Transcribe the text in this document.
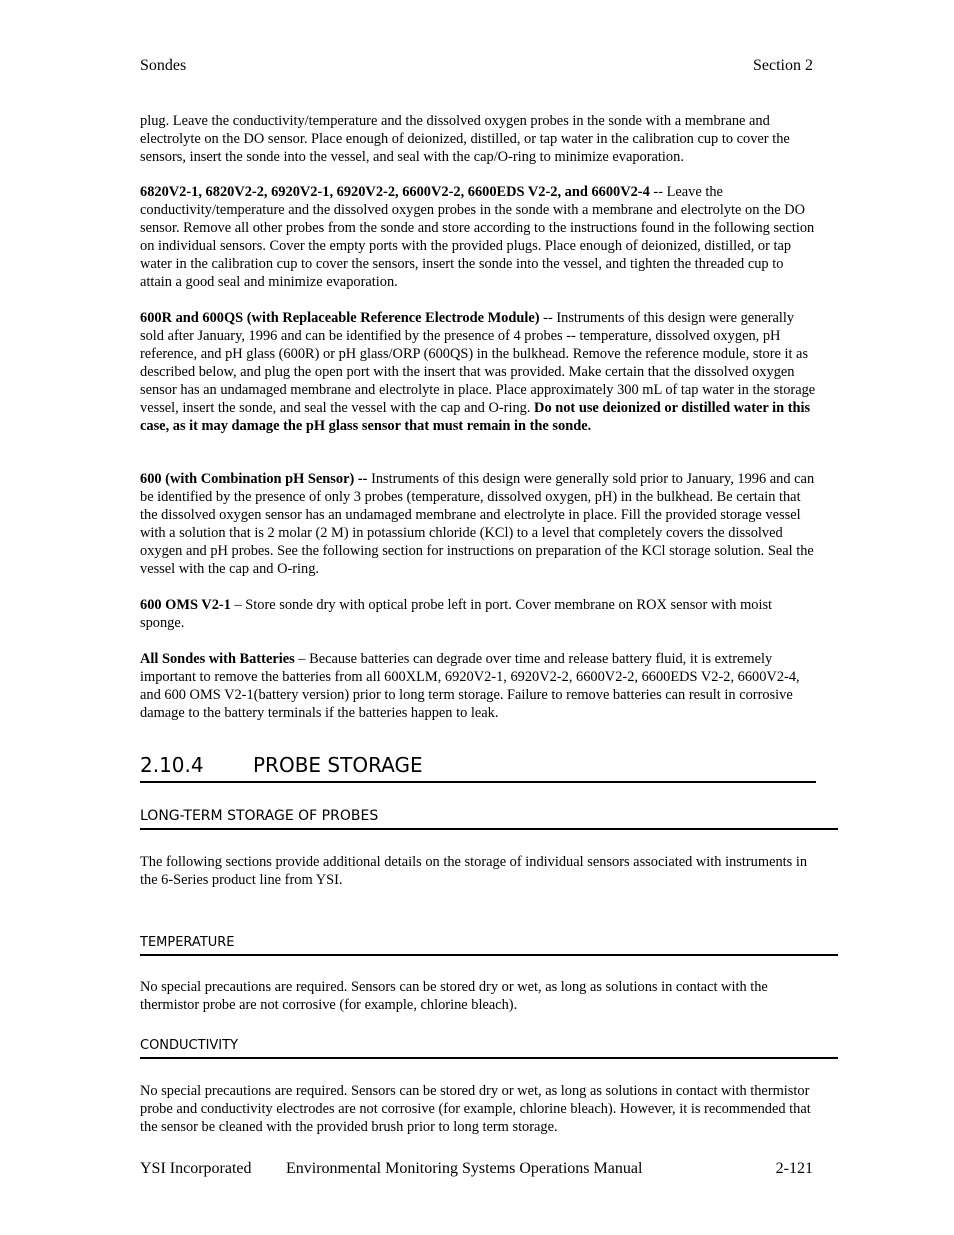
Sondes	Section 2

plug. Leave the conductivity/temperature and the dissolved oxygen probes in the sonde with a membrane and electrolyte on the DO sensor. Place enough of deionized, distilled, or tap water in the calibration cup to cover the sensors, insert the sonde into the vessel, and seal with the cap/O-ring to minimize evaporation.

6820V2-1, 6820V2-2, 6920V2-1, 6920V2-2, 6600V2-2, 6600EDS V2-2, and 6600V2-4 -- Leave the conductivity/temperature and the dissolved oxygen probes in the sonde with a membrane and electrolyte on the DO sensor. Remove all other probes from the sonde and store according to the instructions found in the following section on individual sensors. Cover the empty ports with the provided plugs. Place enough of deionized, distilled, or tap water in the calibration cup to cover the sensors, insert the sonde into the vessel, and tighten the threaded cup to attain a good seal and minimize evaporation.

600R and 600QS (with Replaceable Reference Electrode Module) -- Instruments of this design were generally sold after January, 1996 and can be identified by the presence of 4 probes -- temperature, dissolved oxygen, pH reference, and pH glass (600R) or pH glass/ORP (600QS) in the bulkhead. Remove the reference module, store it as described below, and plug the open port with the insert that was provided. Make certain that the dissolved oxygen sensor has an undamaged membrane and electrolyte in place. Place approximately 300 mL of tap water in the storage vessel, insert the sonde, and seal the vessel with the cap and O-ring. Do not use deionized or distilled water in this case, as it may damage the pH glass sensor that must remain in the sonde.

600 (with Combination pH Sensor) -- Instruments of this design were generally sold prior to January, 1996 and can be identified by the presence of only 3 probes (temperature, dissolved oxygen, pH) in the bulkhead. Be certain that the dissolved oxygen sensor has an undamaged membrane and electrolyte in place. Fill the provided storage vessel with a solution that is 2 molar (2 M) in potassium chloride (KCl) to a level that completely covers the dissolved oxygen and pH probes. See the following section for instructions on preparation of the KCl storage solution. Seal the vessel with the cap and O-ring.

600 OMS V2-1 – Store sonde dry with optical probe left in port. Cover membrane on ROX sensor with moist sponge.

All Sondes with Batteries – Because batteries can degrade over time and release battery fluid, it is extremely important to remove the batteries from all 600XLM, 6920V2-1, 6920V2-2, 6600V2-2, 6600EDS V2-2, 6600V2-4, and 600 OMS V2-1(battery version) prior to long term storage. Failure to remove batteries can result in corrosive damage to the battery terminals if the batteries happen to leak.

2.10.4 PROBE STORAGE
LONG-TERM STORAGE OF PROBES

The following sections provide additional details on the storage of individual sensors associated with instruments in the 6-Series product line from YSI.

TEMPERATURE

No special precautions are required. Sensors can be stored dry or wet, as long as solutions in contact with the thermistor probe are not corrosive (for example, chlorine bleach).

CONDUCTIVITY

No special precautions are required. Sensors can be stored dry or wet, as long as solutions in contact with thermistor probe and conductivity electrodes are not corrosive (for example, chlorine bleach). However, it is recommended that the sensor be cleaned with the provided brush prior to long term storage.

YSI Incorporated Environmental Monitoring Systems Operations Manual	2-121
